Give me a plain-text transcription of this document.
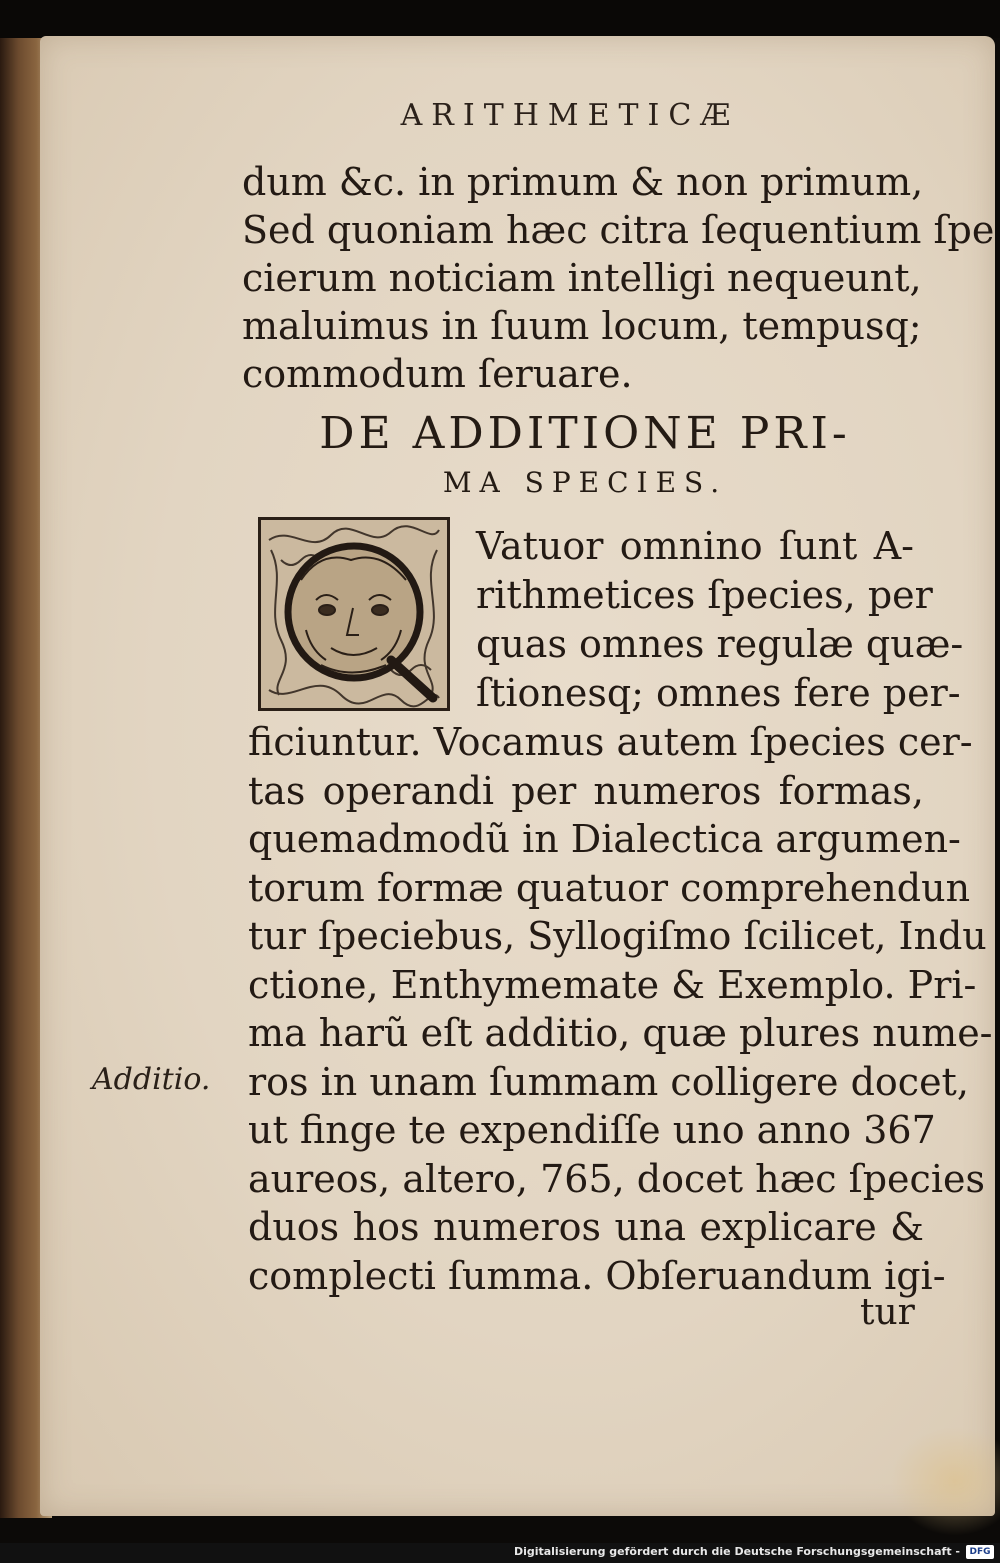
ARITHMETICÆ
dum &c. in primum & non primum,
Sed quoniam hæc citra ſequentium ſpe
cierum noticiam intelligi nequeunt,
maluimus in ſuum locum, tempusq;
commodum ſeruare.
DE ADDITIONE PRI-
MA SPECIES.
Vatuor omnino ſunt A-
rithmetices ſpecies, per
quas omnes regulæ quæ-
ſtionesq; omnes fere per-
ficiuntur. Vocamus autem ſpecies cer-
tas operandi per numeros formas,
quemadmodũ in Dialectica argumen-
torum formæ quatuor comprehendun
tur ſpeciebus, Syllogiſmo ſcilicet, Indu
ctione, Enthymemate & Exemplo. Pri-
ma harũ eſt additio, quæ plures nume-
ros in unam ſummam colligere docet,
ut finge te expendiſſe uno anno 367
aureos, altero, 765, docet hæc ſpecies
duos hos numeros una explicare &
complecti ſumma. Obſeruandum igi-
tur
Additio.
Digitalisierung gefördert durch die Deutsche Forschungsgemeinschaft -	DFG
